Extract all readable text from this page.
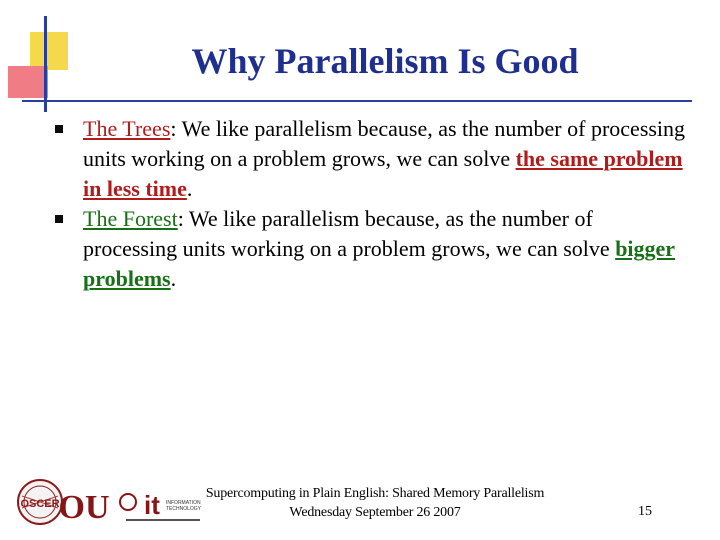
Why Parallelism Is Good
The Trees: We like parallelism because, as the number of processing units working on a problem grows, we can solve the same problem in less time.
The Forest: We like parallelism because, as the number of processing units working on a problem grows, we can solve bigger problems.
OSCER
OU it INFORMATION
TECHNOLOGY
Supercomputing in Plain English: Shared Memory Parallelism
Wednesday September 26 2007	15
